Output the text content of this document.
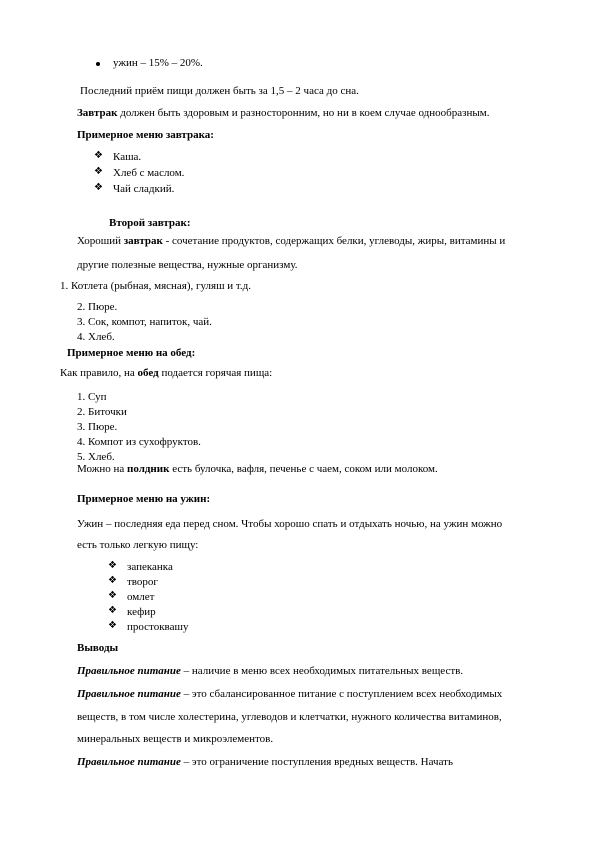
ужин – 15% – 20%.
Последний приём пищи должен быть за 1,5 – 2 часа до сна.
Завтрак должен быть здоровым и разносторонним, но ни в коем случае однообразным.
Примерное меню завтрака:
❖ Каша.
❖ Хлеб с маслом.
❖ Чай сладкий.
Второй завтрак:
Хороший завтрак - сочетание продуктов, содержащих белки, углеводы, жиры, витамины и
другие полезные вещества, нужные организму.
1. Котлета (рыбная, мясная), гуляш и т.д.
2. Пюре.
3. Сок, компот, напиток, чай.
4. Хлеб.
Примерное меню на обед:
Как правило, на обед подается горячая пища:
1. Суп
2. Биточки
3. Пюре.
4. Компот из сухофруктов.
5. Хлеб.
Можно на полдник есть булочка, вафля, печенье с чаем, соком или молоком.
Примерное меню на ужин:
Ужин – последняя еда перед сном. Чтобы хорошо спать и отдыхать ночью, на ужин можно
есть только легкую пищу:
❖ запеканка
❖ творог
❖ омлет
❖ кефир
❖ простоквашу
Выводы
Правильное питание – наличие в меню всех необходимых питательных веществ.
Правильное питание – это сбалансированное питание с поступлением всех необходимых
веществ, в том числе холестерина, углеводов и клетчатки, нужного количества витаминов,
минеральных веществ и микроэлементов.
Правильное питание – это ограничение поступления вредных веществ. Начать
